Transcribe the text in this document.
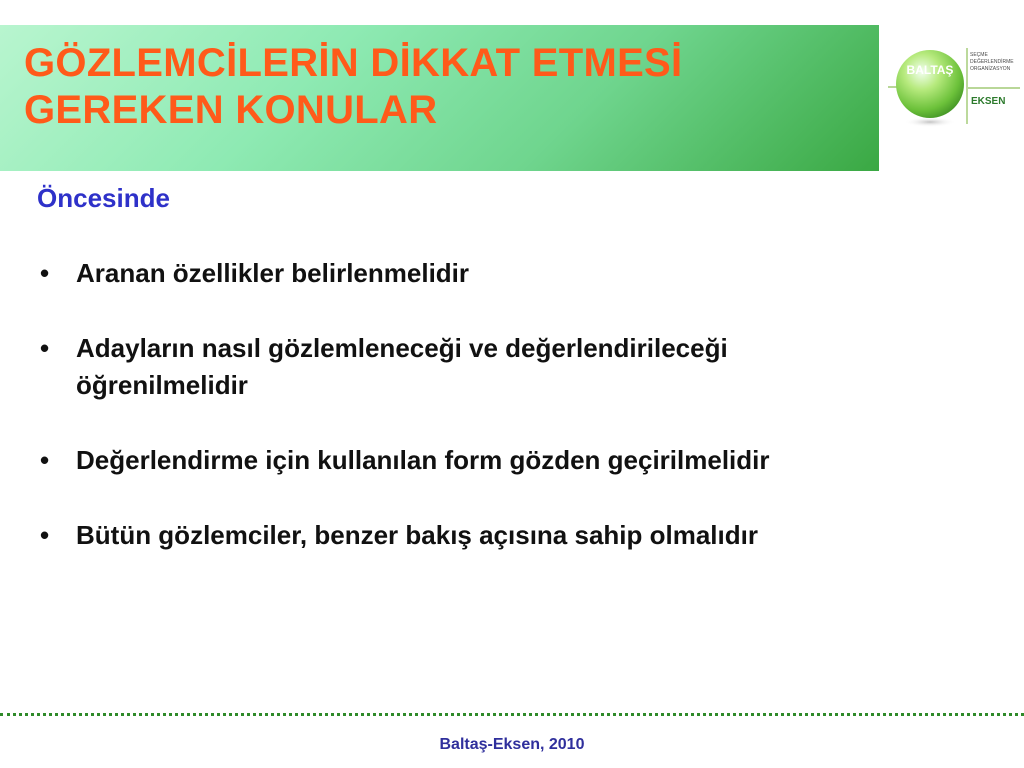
GÖZLEMCİLERİN DİKKAT ETMESİ
GEREKEN KONULAR
BALTAŞ
SEÇME
DEĞERLENDİRME
ORGANİZASYON
EKSEN
Öncesinde
• Aranan özellikler belirlenmelidir
• Adayların nasıl gözlemleneceği ve değerlendirileceği öğrenilmelidir
• Değerlendirme için kullanılan form gözden geçirilmelidir
• Bütün gözlemciler, benzer bakış açısına sahip olmalıdır

Baltaş-Eksen, 2010
